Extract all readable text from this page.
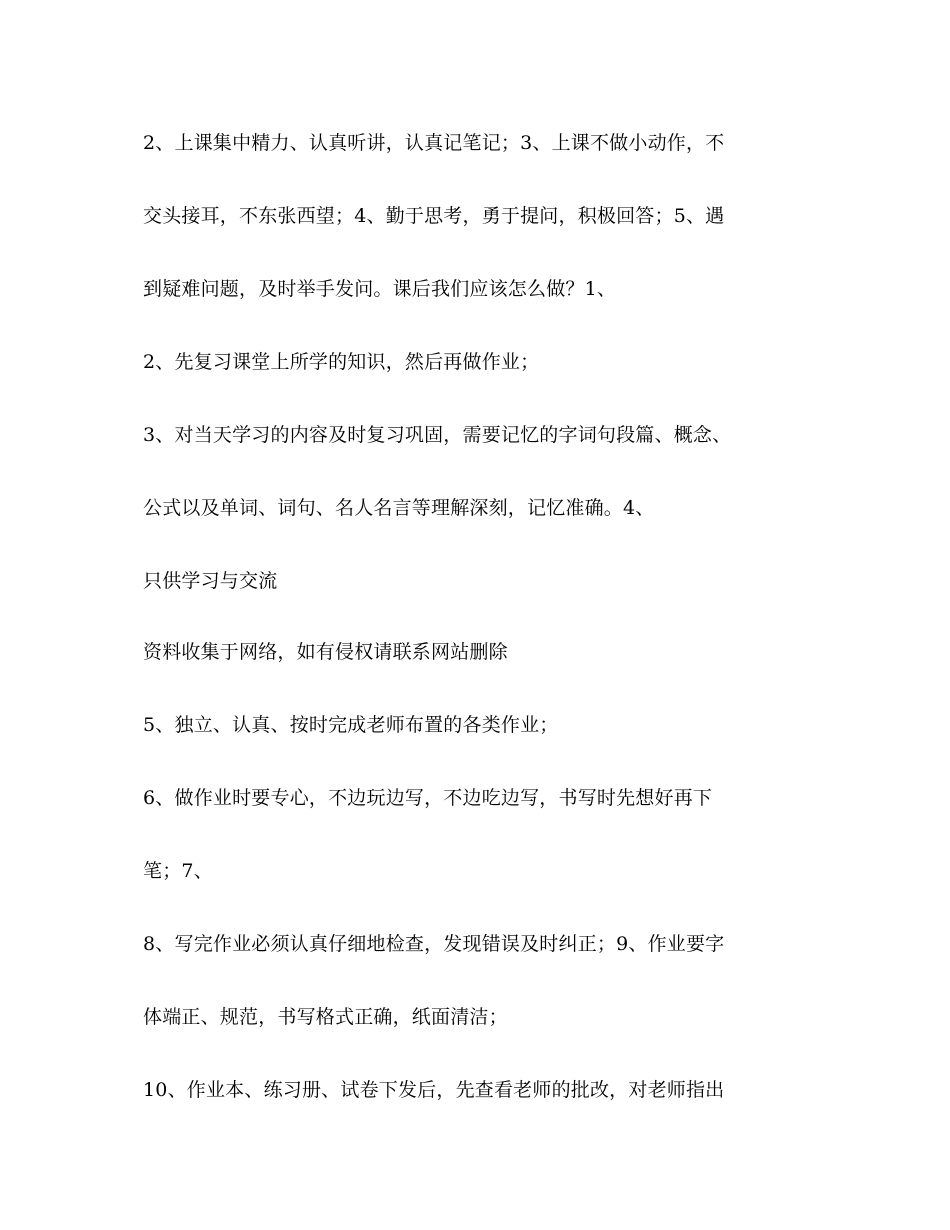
2、上课集中精力、认真听讲，认真记笔记；3、上课不做小动作，不
交头接耳，不东张西望；4、勤于思考，勇于提问，积极回答；5、遇
到疑难问题，及时举手发问。课后我们应该怎么做？1、
2、先复习课堂上所学的知识，然后再做作业；
3、对当天学习的内容及时复习巩固，需要记忆的字词句段篇、概念、
公式以及单词、词句、名人名言等理解深刻，记忆准确。4、
只供学习与交流
资料收集于网络，如有侵权请联系网站删除
5、独立、认真、按时完成老师布置的各类作业；
6、做作业时要专心，不边玩边写，不边吃边写，书写时先想好再下
笔；7、
8、写完作业必须认真仔细地检查，发现错误及时纠正；9、作业要字
体端正、规范，书写格式正确，纸面清洁；
10、作业本、练习册、试卷下发后，先查看老师的批改，对老师指出
